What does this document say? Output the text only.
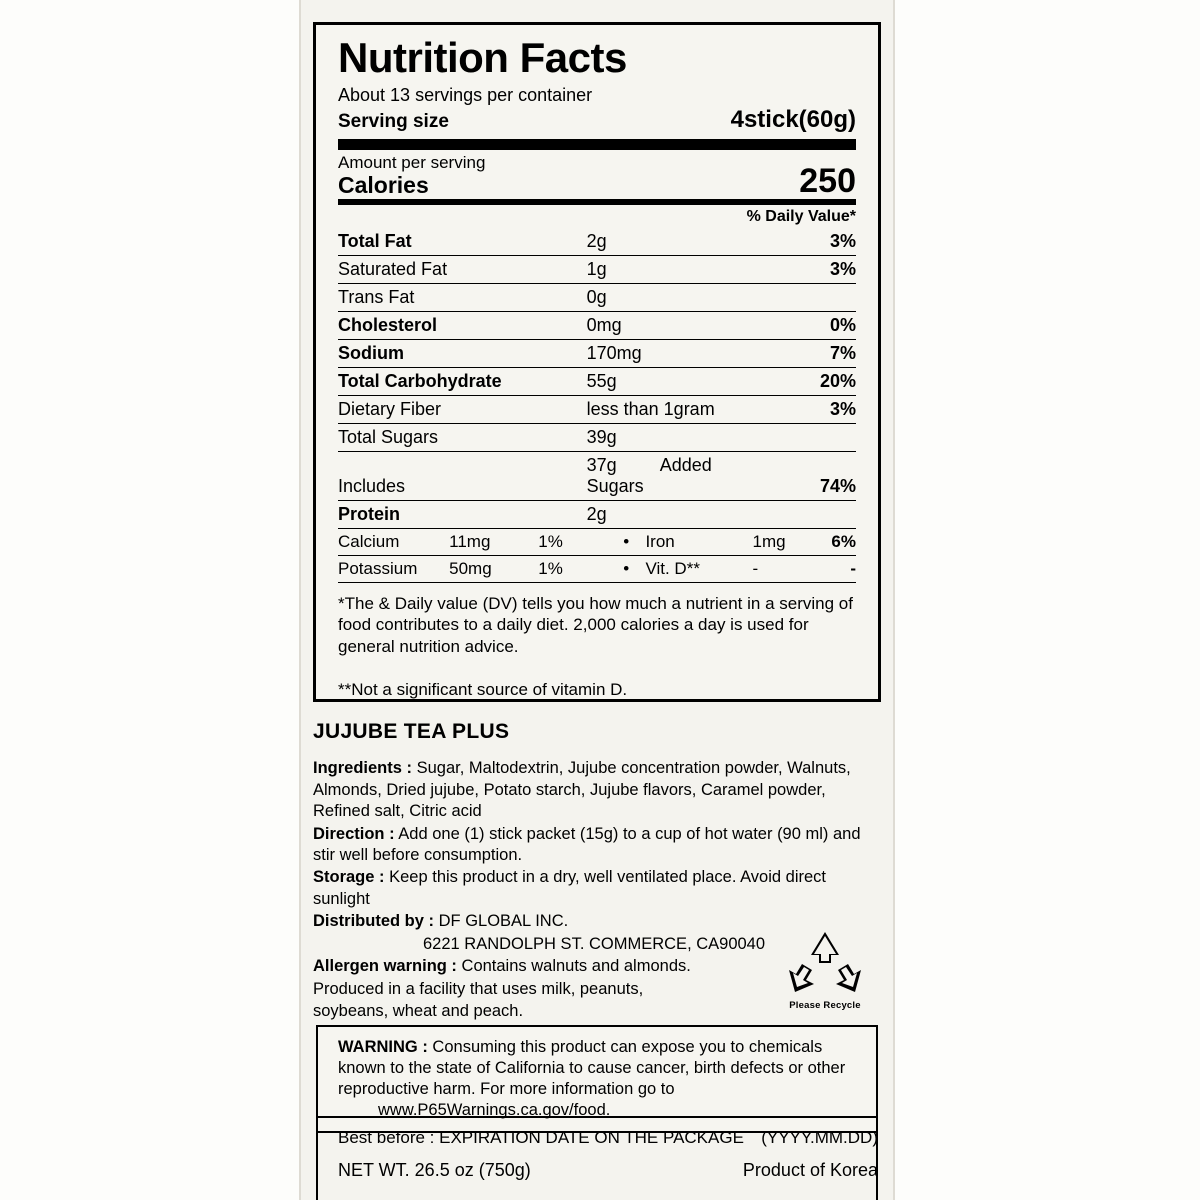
Nutrition Facts
About 13 servings per container
Serving size	4stick(60g)
Amount per serving
Calories	250
% Daily Value*
Total Fat	2g	3%
Saturated Fat	1g	3%
Trans Fat	0g	
Cholesterol	0mg	0%
Sodium	170mg	7%
Total Carbohydrate	55g	20%
Dietary Fiber	less than 1gram	3%
Total Sugars	39g	
Includes	37g Added Sugars	74%
Protein	2g	
Calcium	11mg	1%	•	Iron	1mg	6%
Potassium	50mg	1%	•	Vit. D**	-	-
*The & Daily value (DV) tells you how much a nutrient in a serving of food contributes to a daily diet. 2,000 calories a day is used for general nutrition advice.
**Not a significant source of vitamin D.
JUJUBE TEA PLUS
Ingredients : Sugar, Maltodextrin, Jujube concentration powder, Walnuts, Almonds, Dried jujube, Potato starch, Jujube flavors, Caramel powder, Refined salt, Citric acid
Direction : Add one (1) stick packet (15g) to a cup of hot water (90 ml) and stir well before consumption.
Storage : Keep this product in a dry, well ventilated place. Avoid direct sunlight
Distributed by : DF GLOBAL INC.
6221 RANDOLPH ST. COMMERCE, CA90040
Allergen warning : Contains walnuts and almonds.
Produced in a facility that uses milk, peanuts,
soybeans, wheat and peach.	Please Recycle
WARNING : Consuming this product can expose you to chemicals known to the state of California to cause cancer, birth defects or other reproductive harm. For more information go to www.P65Warnings.ca.gov/food.
Best before : EXPIRATION DATE ON THE PACKAGE (YYYY.MM.DD)
NET WT. 26.5 oz (750g)	Product of Korea
